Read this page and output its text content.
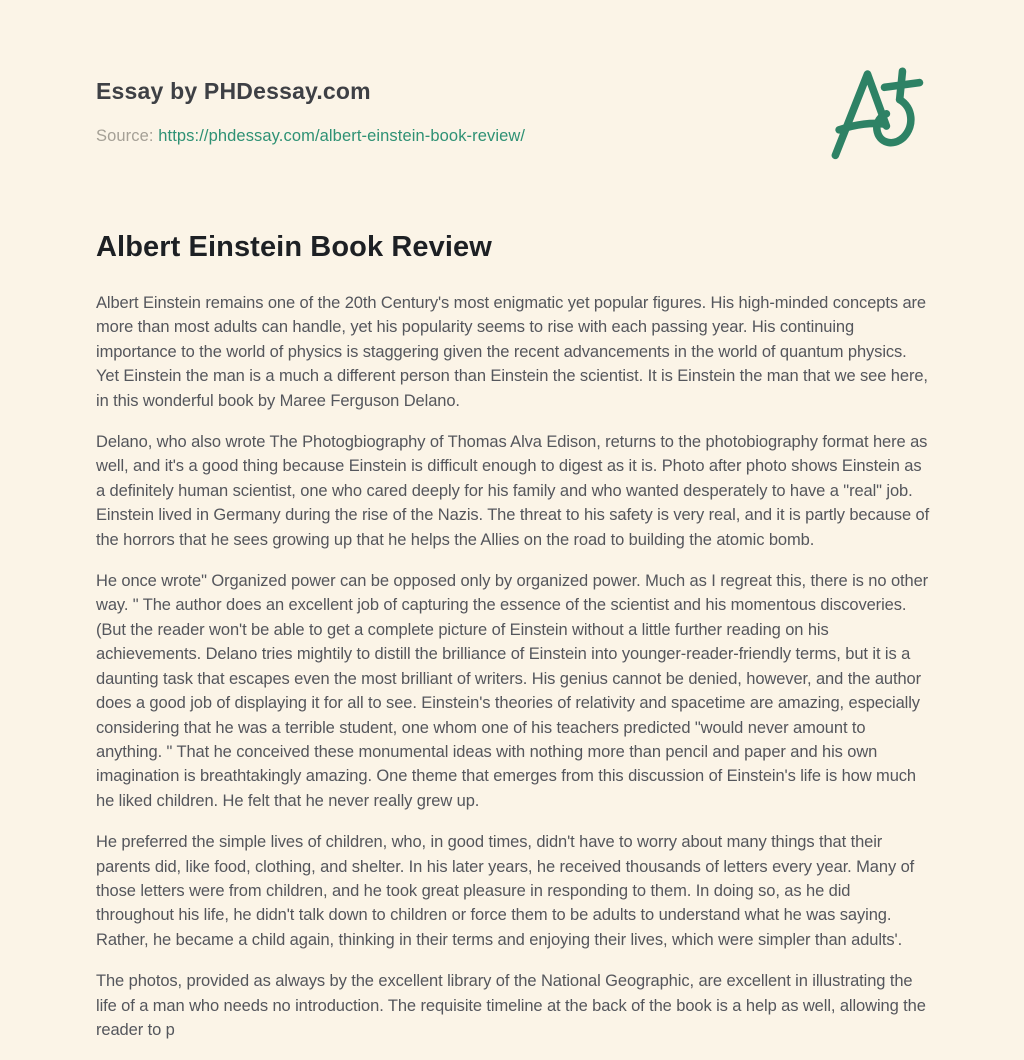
Essay by PHDessay.com
Source: https://phdessay.com/albert-einstein-book-review/
Albert Einstein Book Review

Albert Einstein remains one of the 20th Century's most enigmatic yet popular figures. His high-minded concepts are more than most adults can handle, yet his popularity seems to rise with each passing year. His continuing importance to the world of physics is staggering given the recent advancements in the world of quantum physics. Yet Einstein the man is a much a different person than Einstein the scientist. It is Einstein the man that we see here, in this wonderful book by Maree Ferguson Delano.

Delano, who also wrote The Photogbiography of Thomas Alva Edison, returns to the photobiography format here as well, and it's a good thing because Einstein is difficult enough to digest as it is. Photo after photo shows Einstein as a definitely human scientist, one who cared deeply for his family and who wanted desperately to have a "real" job. Einstein lived in Germany during the rise of the Nazis. The threat to his safety is very real, and it is partly because of the horrors that he sees growing up that he helps the Allies on the road to building the atomic bomb.

He once wrote" Organized power can be opposed only by organized power. Much as I regreat this, there is no other way. " The author does an excellent job of capturing the essence of the scientist and his momentous discoveries. (But the reader won't be able to get a complete picture of Einstein without a little further reading on his achievements. Delano tries mightily to distill the brilliance of Einstein into younger-reader-friendly terms, but it is a daunting task that escapes even the most brilliant of writers. His genius cannot be denied, however, and the author does a good job of displaying it for all to see. Einstein's theories of relativity and spacetime are amazing, especially considering that he was a terrible student, one whom one of his teachers predicted "would never amount to anything. " That he conceived these monumental ideas with nothing more than pencil and paper and his own imagination is breathtakingly amazing. One theme that emerges from this discussion of Einstein's life is how much he liked children. He felt that he never really grew up.

He preferred the simple lives of children, who, in good times, didn't have to worry about many things that their parents did, like food, clothing, and shelter. In his later years, he received thousands of letters every year. Many of those letters were from children, and he took great pleasure in responding to them. In doing so, as he did throughout his life, he didn't talk down to children or force them to be adults to understand what he was saying. Rather, he became a child again, thinking in their terms and enjoying their lives, which were simpler than adults'.

The photos, provided as always by the excellent library of the National Geographic, are excellent in illustrating the life of a man who needs no introduction. The requisite timeline at the back of the book is a help as well, allowing the reader to p
